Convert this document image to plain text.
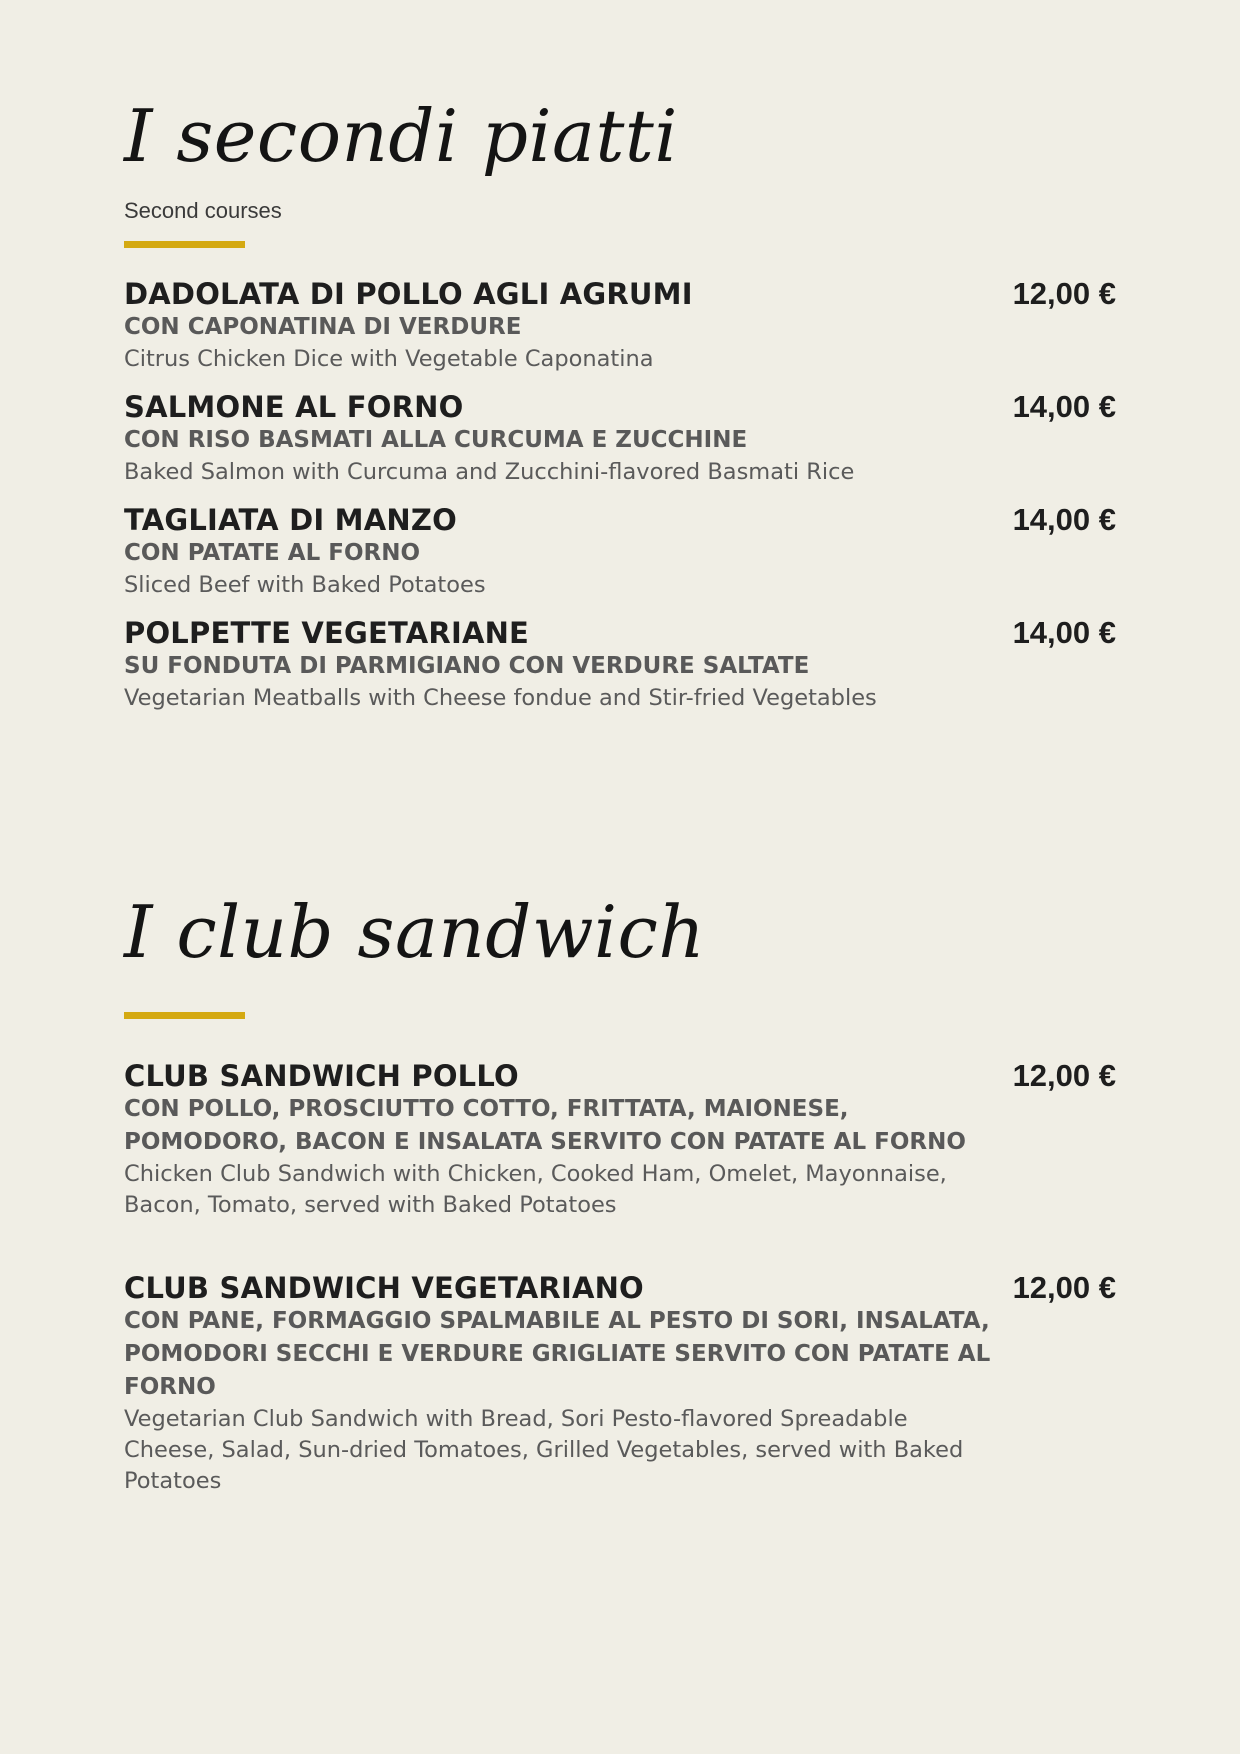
I secondi piatti
Second courses
DADOLATA DI POLLO AGLI AGRUMI
CON CAPONATINA DI VERDURE
Citrus Chicken Dice with Vegetable Caponatina
12,00 €
SALMONE AL FORNO
CON RISO BASMATI ALLA CURCUMA E ZUCCHINE
Baked Salmon with Curcuma and Zucchini-flavored Basmati Rice
14,00 €
TAGLIATA DI MANZO
CON PATATE AL FORNO
Sliced Beef with Baked Potatoes
14,00 €
POLPETTE VEGETARIANE
SU FONDUTA DI PARMIGIANO CON VERDURE SALTATE
Vegetarian Meatballs with Cheese fondue and Stir-fried Vegetables
14,00 €
I club sandwich
CLUB SANDWICH POLLO
CON POLLO, PROSCIUTTO COTTO, FRITTATA, MAIONESE, POMODORO, BACON E INSALATA SERVITO CON PATATE AL FORNO
Chicken Club Sandwich with Chicken, Cooked Ham, Omelet, Mayonnaise, Bacon, Tomato, served with Baked Potatoes
12,00 €
CLUB SANDWICH VEGETARIANO
CON PANE, FORMAGGIO SPALMABILE AL PESTO DI SORI, INSALATA, POMODORI SECCHI E VERDURE GRIGLIATE SERVITO CON PATATE AL FORNO
Vegetarian Club Sandwich with Bread, Sori Pesto-flavored Spreadable Cheese, Salad, Sun-dried Tomatoes, Grilled Vegetables, served with Baked Potatoes
12,00 €
